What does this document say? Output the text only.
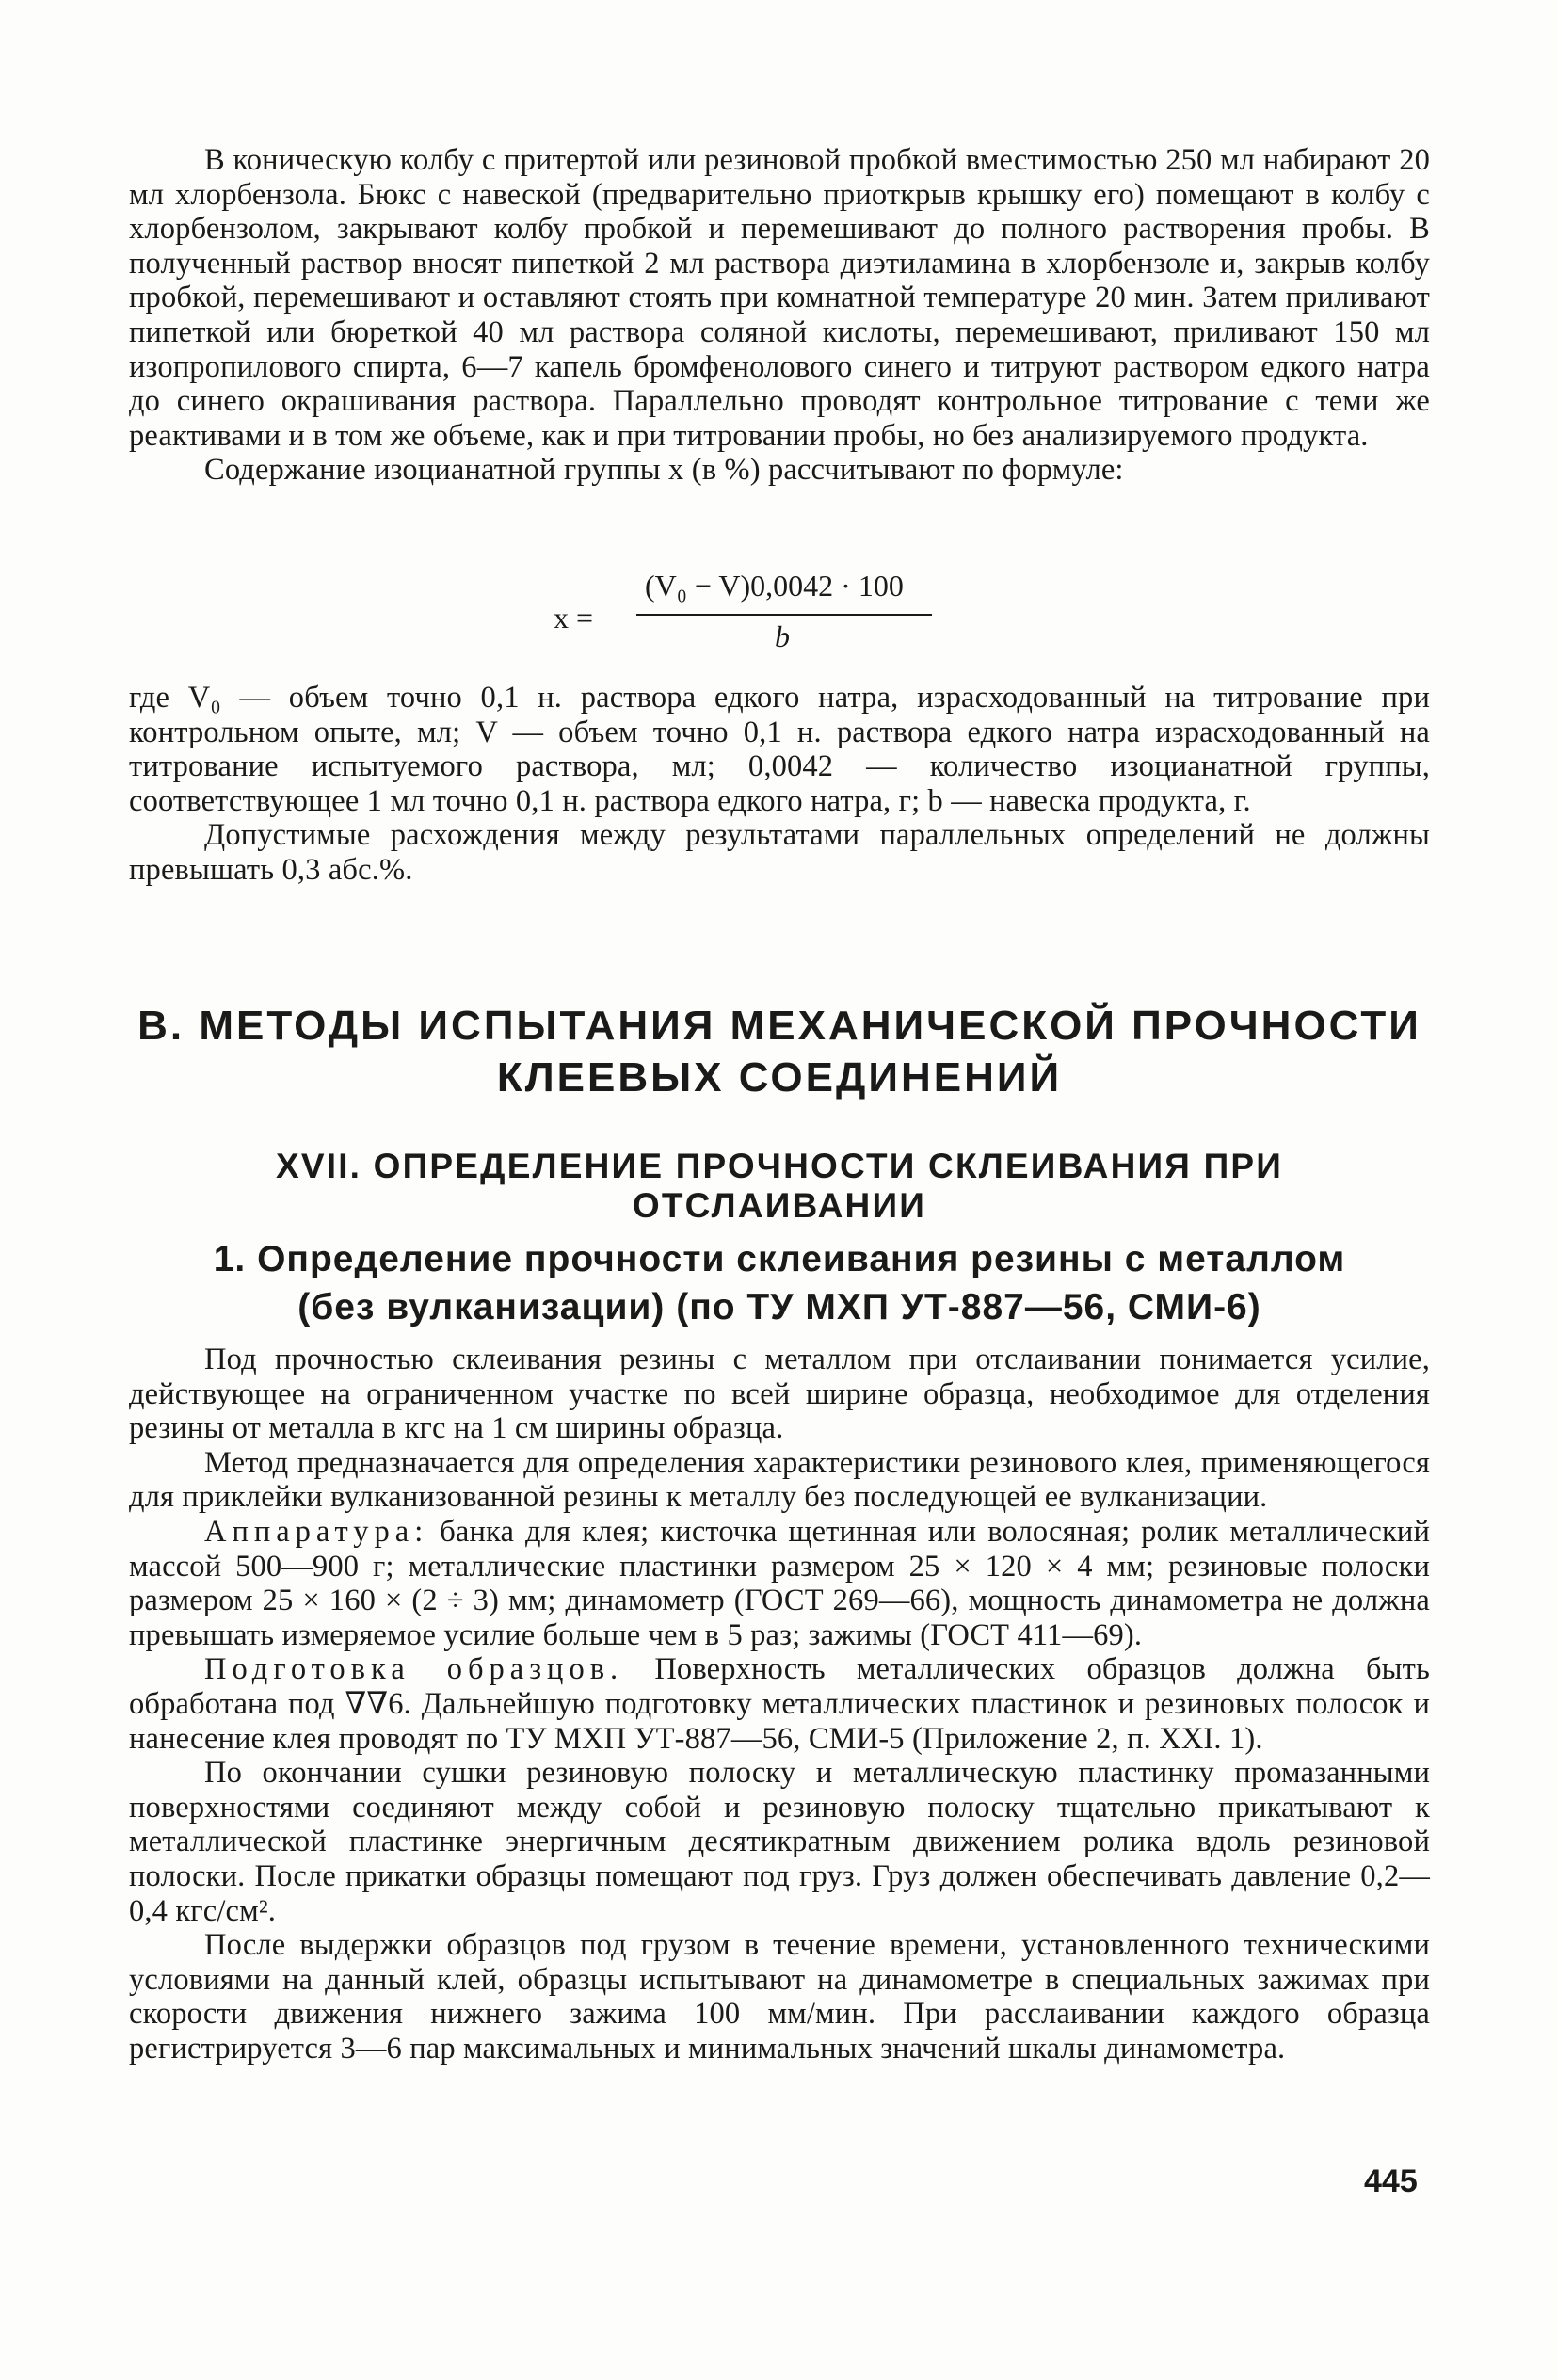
В коническую колбу с притертой или резиновой пробкой вместимостью 250 мл набирают 20 мл хлорбензола. Бюкс с навеской (предварительно приоткрыв крышку его) помещают в колбу с хлорбензолом, закрывают колбу пробкой и перемешивают до полного растворения пробы. В полученный раствор вносят пипеткой 2 мл раствора диэтиламина в хлорбензоле и, закрыв колбу пробкой, перемешивают и оставляют стоять при комнатной температуре 20 мин. Затем приливают пипеткой или бюреткой 40 мл раствора соляной кислоты, перемешивают, приливают 150 мл изопропилового спирта, 6—7 капель бромфенолового синего и титруют раствором едкого натра до синего окрашивания раствора. Параллельно проводят контрольное титрование с теми же реактивами и в том же объеме, как и при титровании пробы, но без анализируемого продукта.

Содержание изоцианатной группы x (в %) рассчитывают по формуле:

x =
(V₀ − V)0,0042 · 100
b

где V₀ — объем точно 0,1 н. раствора едкого натра, израсходованный на титрование при контрольном опыте, мл; V — объем точно 0,1 н. раствора едкого натра израсходованный на титрование испытуемого раствора, мл; 0,0042 — количество изоцианатной группы, соответствующее 1 мл точно 0,1 н. раствора едкого натра, г; b — навеска продукта, г.

Допустимые расхождения между результатами параллельных определений не должны превышать 0,3 абс.%.

В. МЕТОДЫ ИСПЫТАНИЯ МЕХАНИЧЕСКОЙ ПРОЧНОСТИ КЛЕЕВЫХ СОЕДИНЕНИЙ
XVII. ОПРЕДЕЛЕНИЕ ПРОЧНОСТИ СКЛЕИВАНИЯ ПРИ ОТСЛАИВАНИИ
1. Определение прочности склеивания резины с металлом (без вулканизации) (по ТУ МХП УТ-887—56, СМИ-6)

Под прочностью склеивания резины с металлом при отслаивании понимается усилие, действующее на ограниченном участке по всей ширине образца, необходимое для отделения резины от металла в кгс на 1 см ширины образца.

Метод предназначается для определения характеристики резинового клея, применяющегося для приклейки вулканизованной резины к металлу без последующей ее вулканизации.

Аппаратура: банка для клея; кисточка щетинная или волосяная; ролик металлический массой 500—900 г; металлические пластинки размером 25 × 120 × 4 мм; резиновые полоски размером 25 × 160 × (2 ÷ 3) мм; динамометр (ГОСТ 269—66), мощность динамометра не должна превышать измеряемое усилие больше чем в 5 раз; зажимы (ГОСТ 411—69).

Подготовка образцов. Поверхность металлических образцов должна быть обработана под ∇∇6. Дальнейшую подготовку металлических пластинок и резиновых полосок и нанесение клея проводят по ТУ МХП УТ-887—56, СМИ-5 (Приложение 2, п. XXI. 1).

По окончании сушки резиновую полоску и металлическую пластинку промазанными поверхностями соединяют между собой и резиновую полоску тщательно прикатывают к металлической пластинке энергичным десятикратным движением ролика вдоль резиновой полоски. После прикатки образцы помещают под груз. Груз должен обеспечивать давление 0,2—0,4 кгс/см².

После выдержки образцов под грузом в течение времени, установленного техническими условиями на данный клей, образцы испытывают на динамометре в специальных зажимах при скорости движения нижнего зажима 100 мм/мин. При расслаивании каждого образца регистрируется 3—6 пар максимальных и минимальных значений шкалы динамометра.

445
